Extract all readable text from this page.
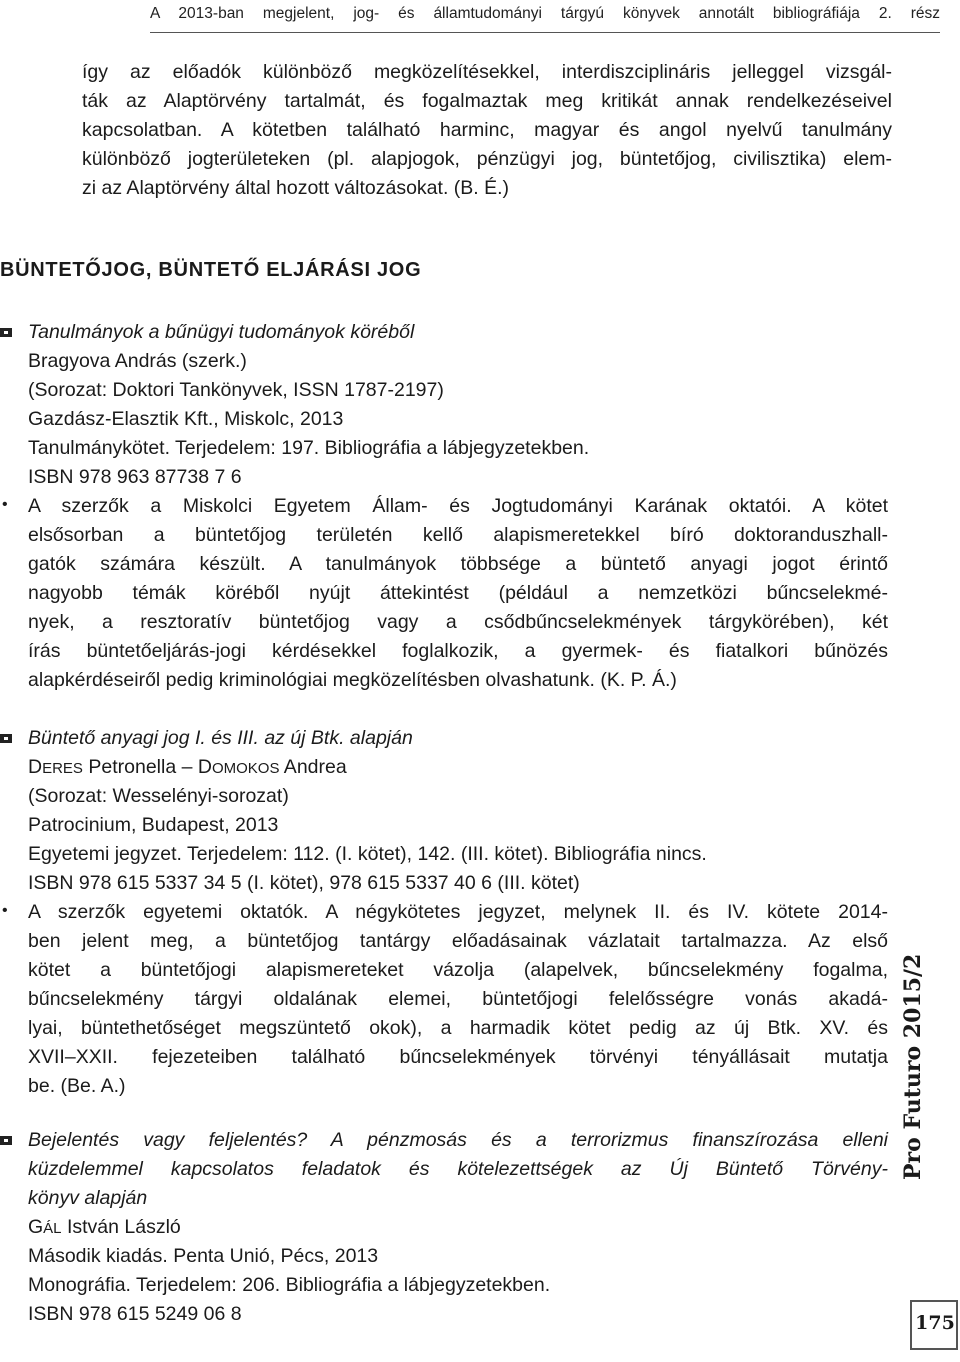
A 2013-ban megjelent, jog- és államtudományi tárgyú könyvek annotált bibliográfiája 2. rész
így az előadók különböző megközelítésekkel, interdiszciplináris jelleggel vizsgál-
ták az Alaptörvény tartalmát, és fogalmaztak meg kritikát annak rendelkezéseivel
kapcsolatban. A kötetben található harminc, magyar és angol nyelvű tanulmány
különböző jogterületeken (pl. alapjogok, pénzügyi jog, büntetőjog, civilisztika) elem-
zi az Alaptörvény által hozott változásokat. (B. É.)
BÜNTETŐJOG, BÜNTETŐ ELJÁRÁSI JOG
Tanulmányok a bűnügyi tudományok köréből
Bragyova András (szerk.)
(Sorozat: Doktori Tankönyvek, ISSN 1787-2197)
Gazdász-Elasztik Kft., Miskolc, 2013
Tanulmánykötet. Terjedelem: 197. Bibliográfia a lábjegyzetekben.
ISBN 978 963 87738 7 6
• A szerzők a Miskolci Egyetem Állam- és Jogtudományi Karának oktatói. A kötet
elsősorban a büntetőjog területén kellő alapismeretekkel bíró doktoranduszhall-
gatók számára készült. A tanulmányok többsége a büntető anyagi jogot érintő
nagyobb témák köréből nyújt áttekintést (például a nemzetközi bűncselekmé-
nyek, a resztoratív büntetőjog vagy a csődbűncselekmények tárgykörében), két
írás büntetőeljárás-jogi kérdésekkel foglalkozik, a gyermek- és fiatalkori bűnözés
alapkérdéseiről pedig kriminológiai megközelítésben olvashatunk. (K. P. Á.)
Büntető anyagi jog I. és III. az új Btk. alapján
DERES Petronella – DOMOKOS Andrea
(Sorozat: Wesselényi-sorozat)
Patrocinium, Budapest, 2013
Egyetemi jegyzet. Terjedelem: 112. (I. kötet), 142. (III. kötet). Bibliográfia nincs.
ISBN 978 615 5337 34 5 (I. kötet), 978 615 5337 40 6 (III. kötet)
• A szerzők egyetemi oktatók. A négykötetes jegyzet, melynek II. és IV. kötete 2014-
ben jelent meg, a büntetőjog tantárgy előadásainak vázlatait tartalmazza. Az első
kötet a büntetőjogi alapismereteket vázolja (alapelvek, bűncselekmény fogalma,
bűncselekmény tárgyi oldalának elemei, büntetőjogi felelősségre vonás akadá-
lyai, büntethetőséget megszüntető okok), a harmadik kötet pedig az új Btk. XV. és
XVII–XXII. fejezeteiben található bűncselekmények törvényi tényállásait mutatja
be. (Be. A.)
Bejelentés vagy feljelentés? A pénzmosás és a terrorizmus finanszírozása elleni
küzdelemmel kapcsolatos feladatok és kötelezettségek az Új Büntető Törvény-
könyv alapján
GÁL István László
Második kiadás. Penta Unió, Pécs, 2013
Monográfia. Terjedelem: 206. Bibliográfia a lábjegyzetekben.
ISBN 978 615 5249 06 8
Pro Futuro 2015/2
175
